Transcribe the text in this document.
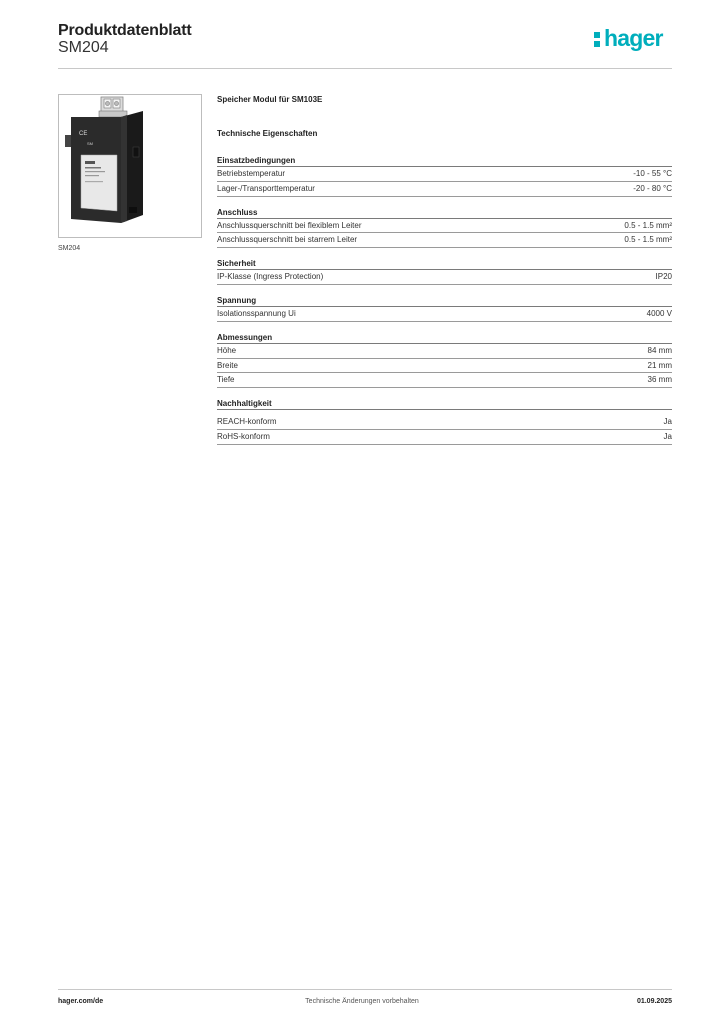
Produktdatenblatt
SM204	hager
CE
SM
SM204
Speicher Modul für SM103E
Technische Eigenschaften
Einsatzbedingungen
Betriebstemperatur	-10 - 55 °C
Lager-/Transporttemperatur	-20 - 80 °C
Anschluss
Anschlussquerschnitt bei flexiblem Leiter	0.5 - 1.5 mm²
Anschlussquerschnitt bei starrem Leiter	0.5 - 1.5 mm²
Sicherheit
IP-Klasse (Ingress Protection)	IP20
Spannung
Isolationsspannung Ui	4000 V
Abmessungen
Höhe	84 mm
Breite	21 mm
Tiefe	36 mm
Nachhaltigkeit
REACH-konform	Ja
RoHS-konform	Ja
hager.com/de	Technische Änderungen vorbehalten	01.09.2025
